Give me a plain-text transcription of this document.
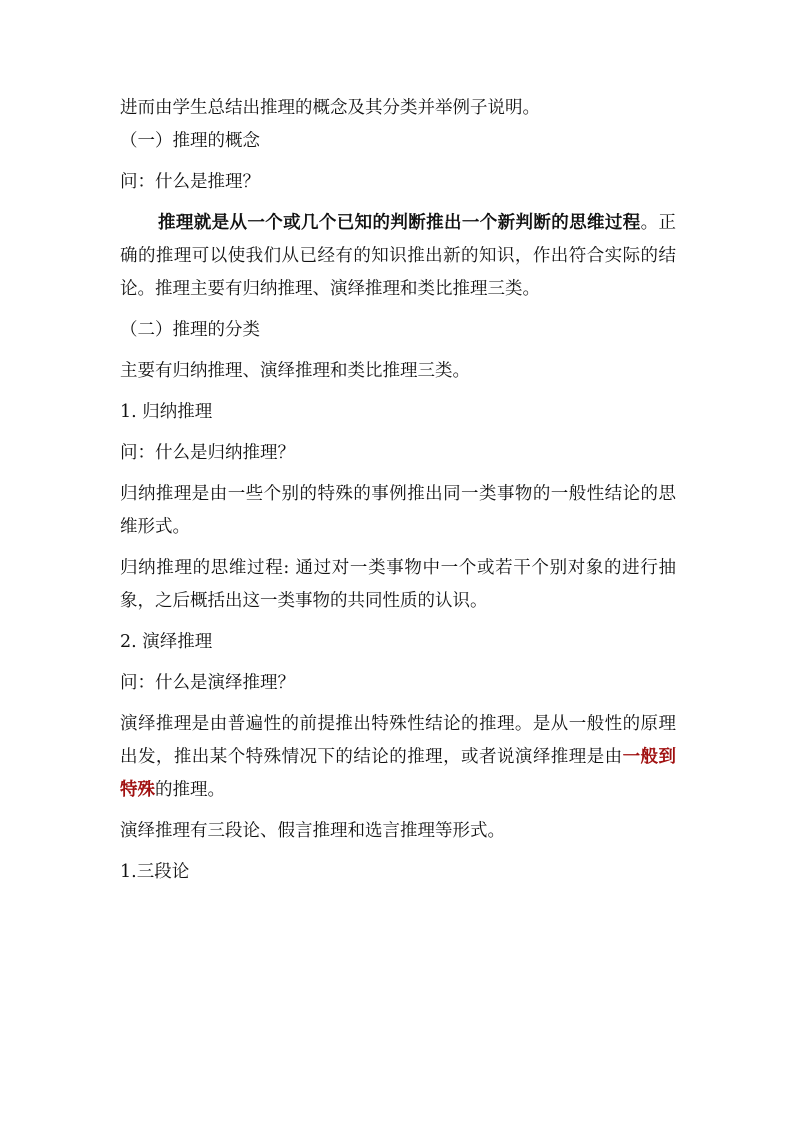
进而由学生总结出推理的概念及其分类并举例子说明。

（一）推理的概念

问：什么是推理？

推理就是从一个或几个已知的判断推出一个新判断的思维过程。正确的推理可以使我们从已经有的知识推出新的知识，作出符合实际的结论。推理主要有归纳推理、演绎推理和类比推理三类。

（二）推理的分类

主要有归纳推理、演绎推理和类比推理三类。

1. 归纳推理

问：什么是归纳推理？

归纳推理是由一些个别的特殊的事例推出同一类事物的一般性结论的思维形式。

归纳推理的思维过程: 通过对一类事物中一个或若干个别对象的进行抽象，之后概括出这一类事物的共同性质的认识。

2. 演绎推理

问：什么是演绎推理？

演绎推理是由普遍性的前提推出特殊性结论的推理。是从一般性的原理出发，推出某个特殊情况下的结论的推理，或者说演绎推理是由一般到特殊的推理。

演绎推理有三段论、假言推理和选言推理等形式。

1.三段论
